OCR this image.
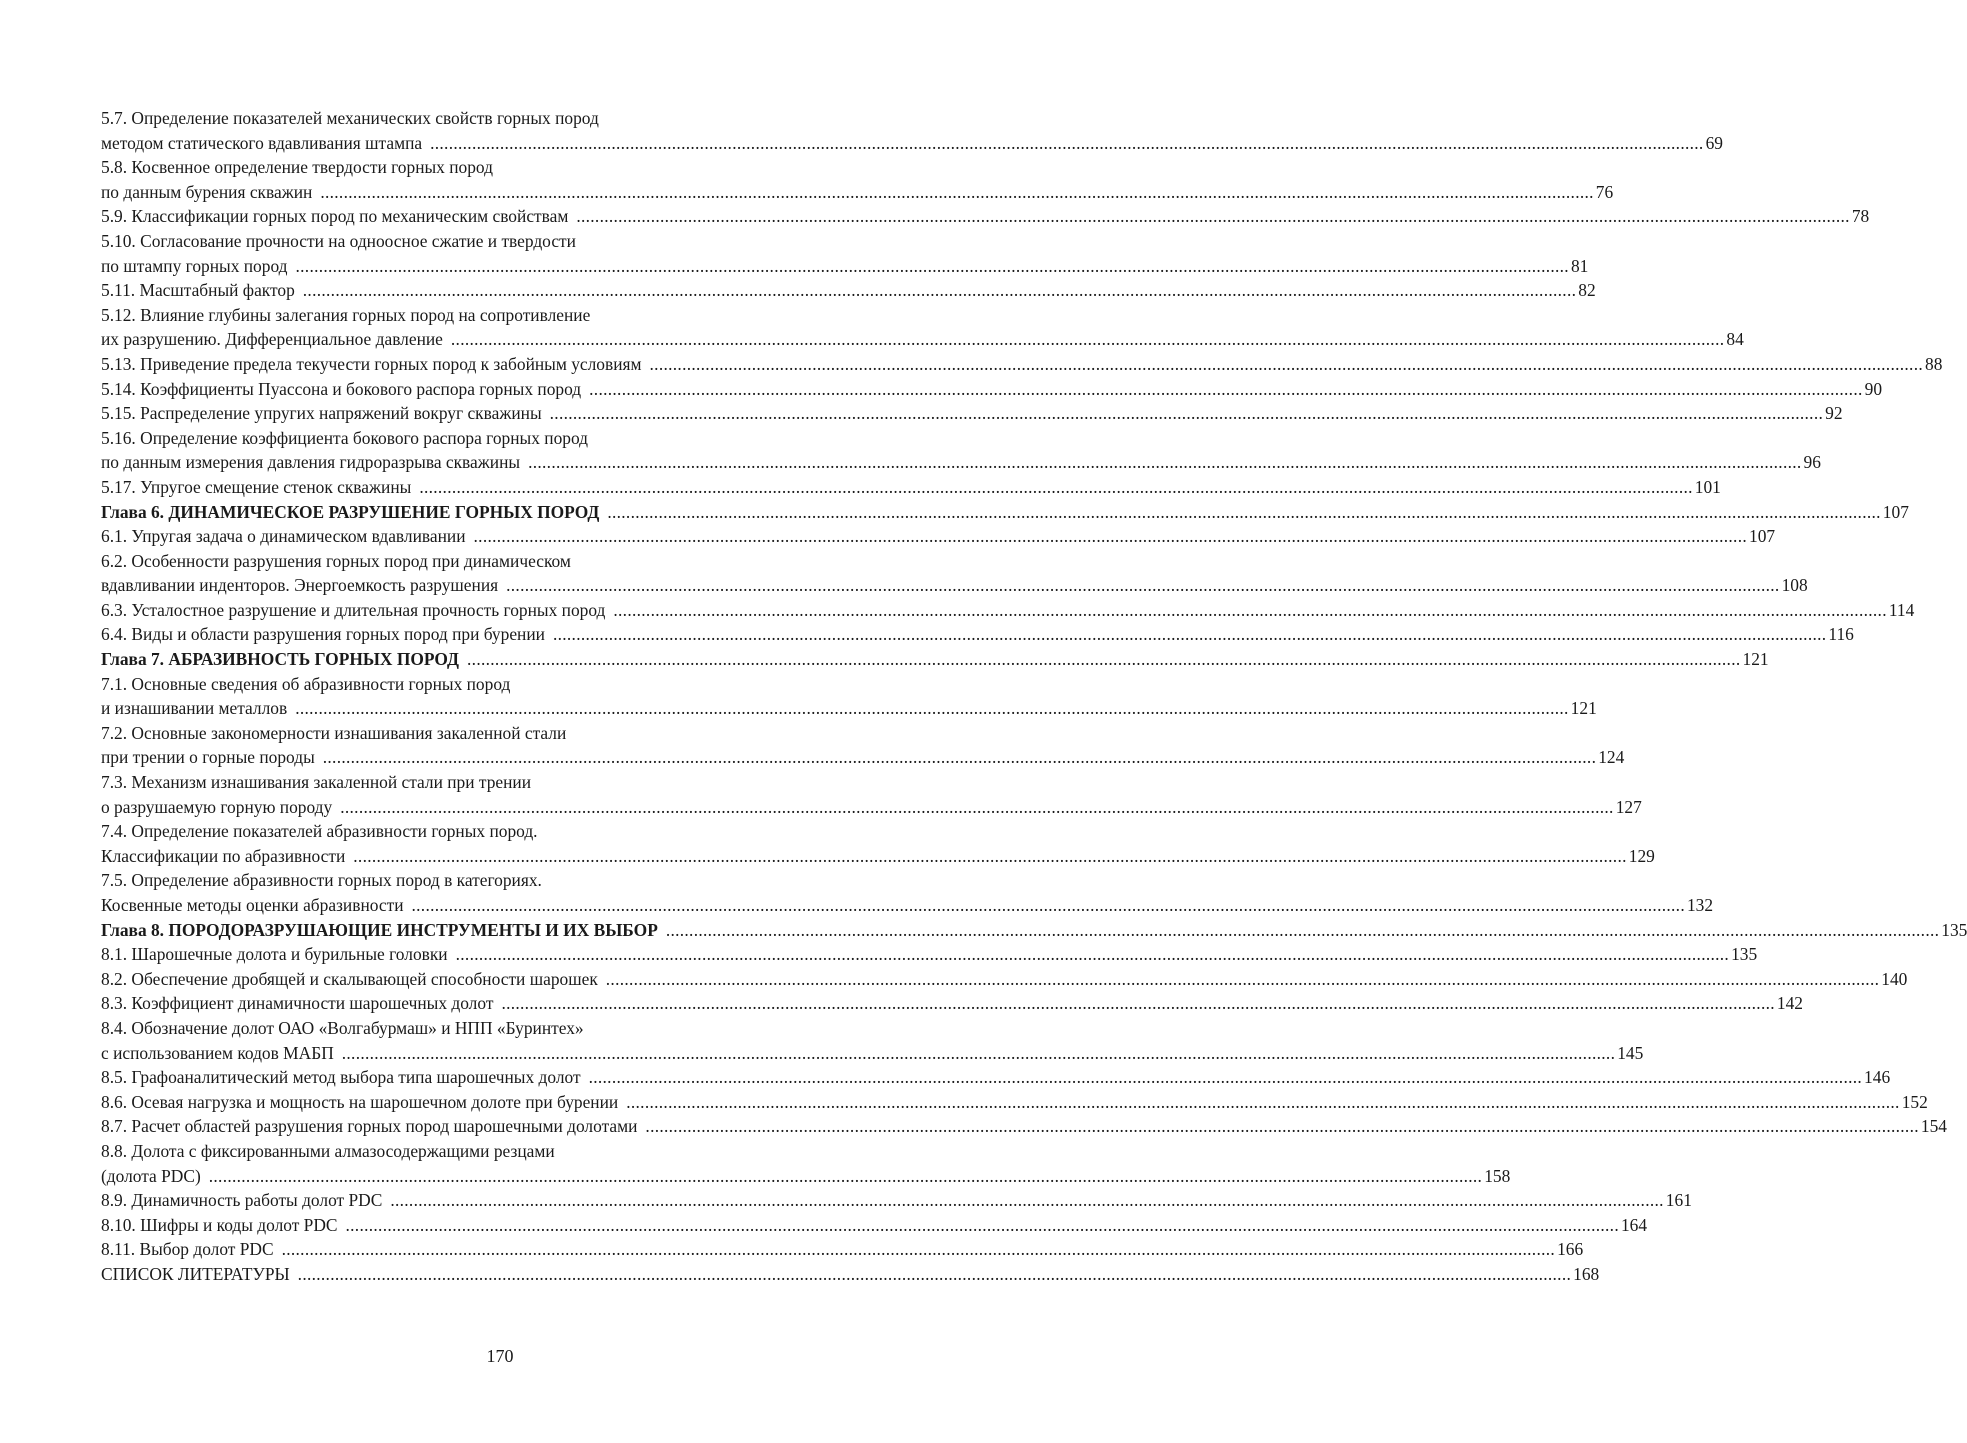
5.7. Определение показателей механических свойств горных пород
методом статического вдавливания штампа .....	69
5.8. Косвенное определение твердости горных пород
по данным бурения скважин .....	76
5.9. Классификации горных пород по механическим свойствам .....	78
5.10. Согласование прочности на одноосное сжатие и твердости
по штампу горных пород .....	81
5.11. Масштабный фактор .....	82
5.12. Влияние глубины залегания горных пород на сопротивление
их разрушению. Дифференциальное давление .....	84
5.13. Приведение предела текучести горных пород к забойным условиям .....	88
5.14. Коэффициенты Пуассона и бокового распора горных пород .....	90
5.15. Распределение упругих напряжений вокруг скважины .....	92
5.16. Определение коэффициента бокового распора горных пород
по данным измерения давления гидроразрыва скважины .....	96
5.17. Упругое смещение стенок скважины .....	101
Глава 6. ДИНАМИЧЕСКОЕ РАЗРУШЕНИЕ ГОРНЫХ ПОРОД .....	107
6.1. Упругая задача о динамическом вдавливании .....	107
6.2. Особенности разрушения горных пород при динамическом
вдавливании инденторов. Энергоемкость разрушения .....	108
6.3. Усталостное разрушение и длительная прочность горных пород .....	114
6.4. Виды и области разрушения горных пород при бурении .....	116
Глава 7. АБРАЗИВНОСТЬ ГОРНЫХ ПОРОД .....	121
7.1. Основные сведения об абразивности горных пород
и изнашивании металлов .....	121
7.2. Основные закономерности изнашивания закаленной стали
при трении о горные породы .....	124
7.3. Механизм изнашивания закаленной стали при трении
о разрушаемую горную породу .....	127
7.4. Определение показателей абразивности горных пород.
Классификации по абразивности .....	129
7.5. Определение абразивности горных пород в категориях.
Косвенные методы оценки абразивности .....	132
Глава 8. ПОРОДОРАЗРУШАЮЩИЕ ИНСТРУМЕНТЫ И ИХ ВЫБОР .....	135
8.1. Шарошечные долота и бурильные головки .....	135
8.2. Обеспечение дробящей и скалывающей способности шарошек .....	140
8.3. Коэффициент динамичности шарошечных долот .....	142
8.4. Обозначение долот ОАО «Волгабурмаш» и НПП «Буринтех»
с использованием кодов МАБП .....	145
8.5. Графоаналитический метод выбора типа шарошечных долот .....	146
8.6. Осевая нагрузка и мощность на шарошечном долоте при бурении .....	152
8.7. Расчет областей разрушения горных пород шарошечными долотами .....	154
8.8. Долота с фиксированными алмазосодержащими резцами
(долота PDC) .....	158
8.9. Динамичность работы долот PDC .....	161
8.10. Шифры и коды долот PDC .....	164
8.11. Выбор долот PDC .....	166
СПИСОК ЛИТЕРАТУРЫ .....	168
170
